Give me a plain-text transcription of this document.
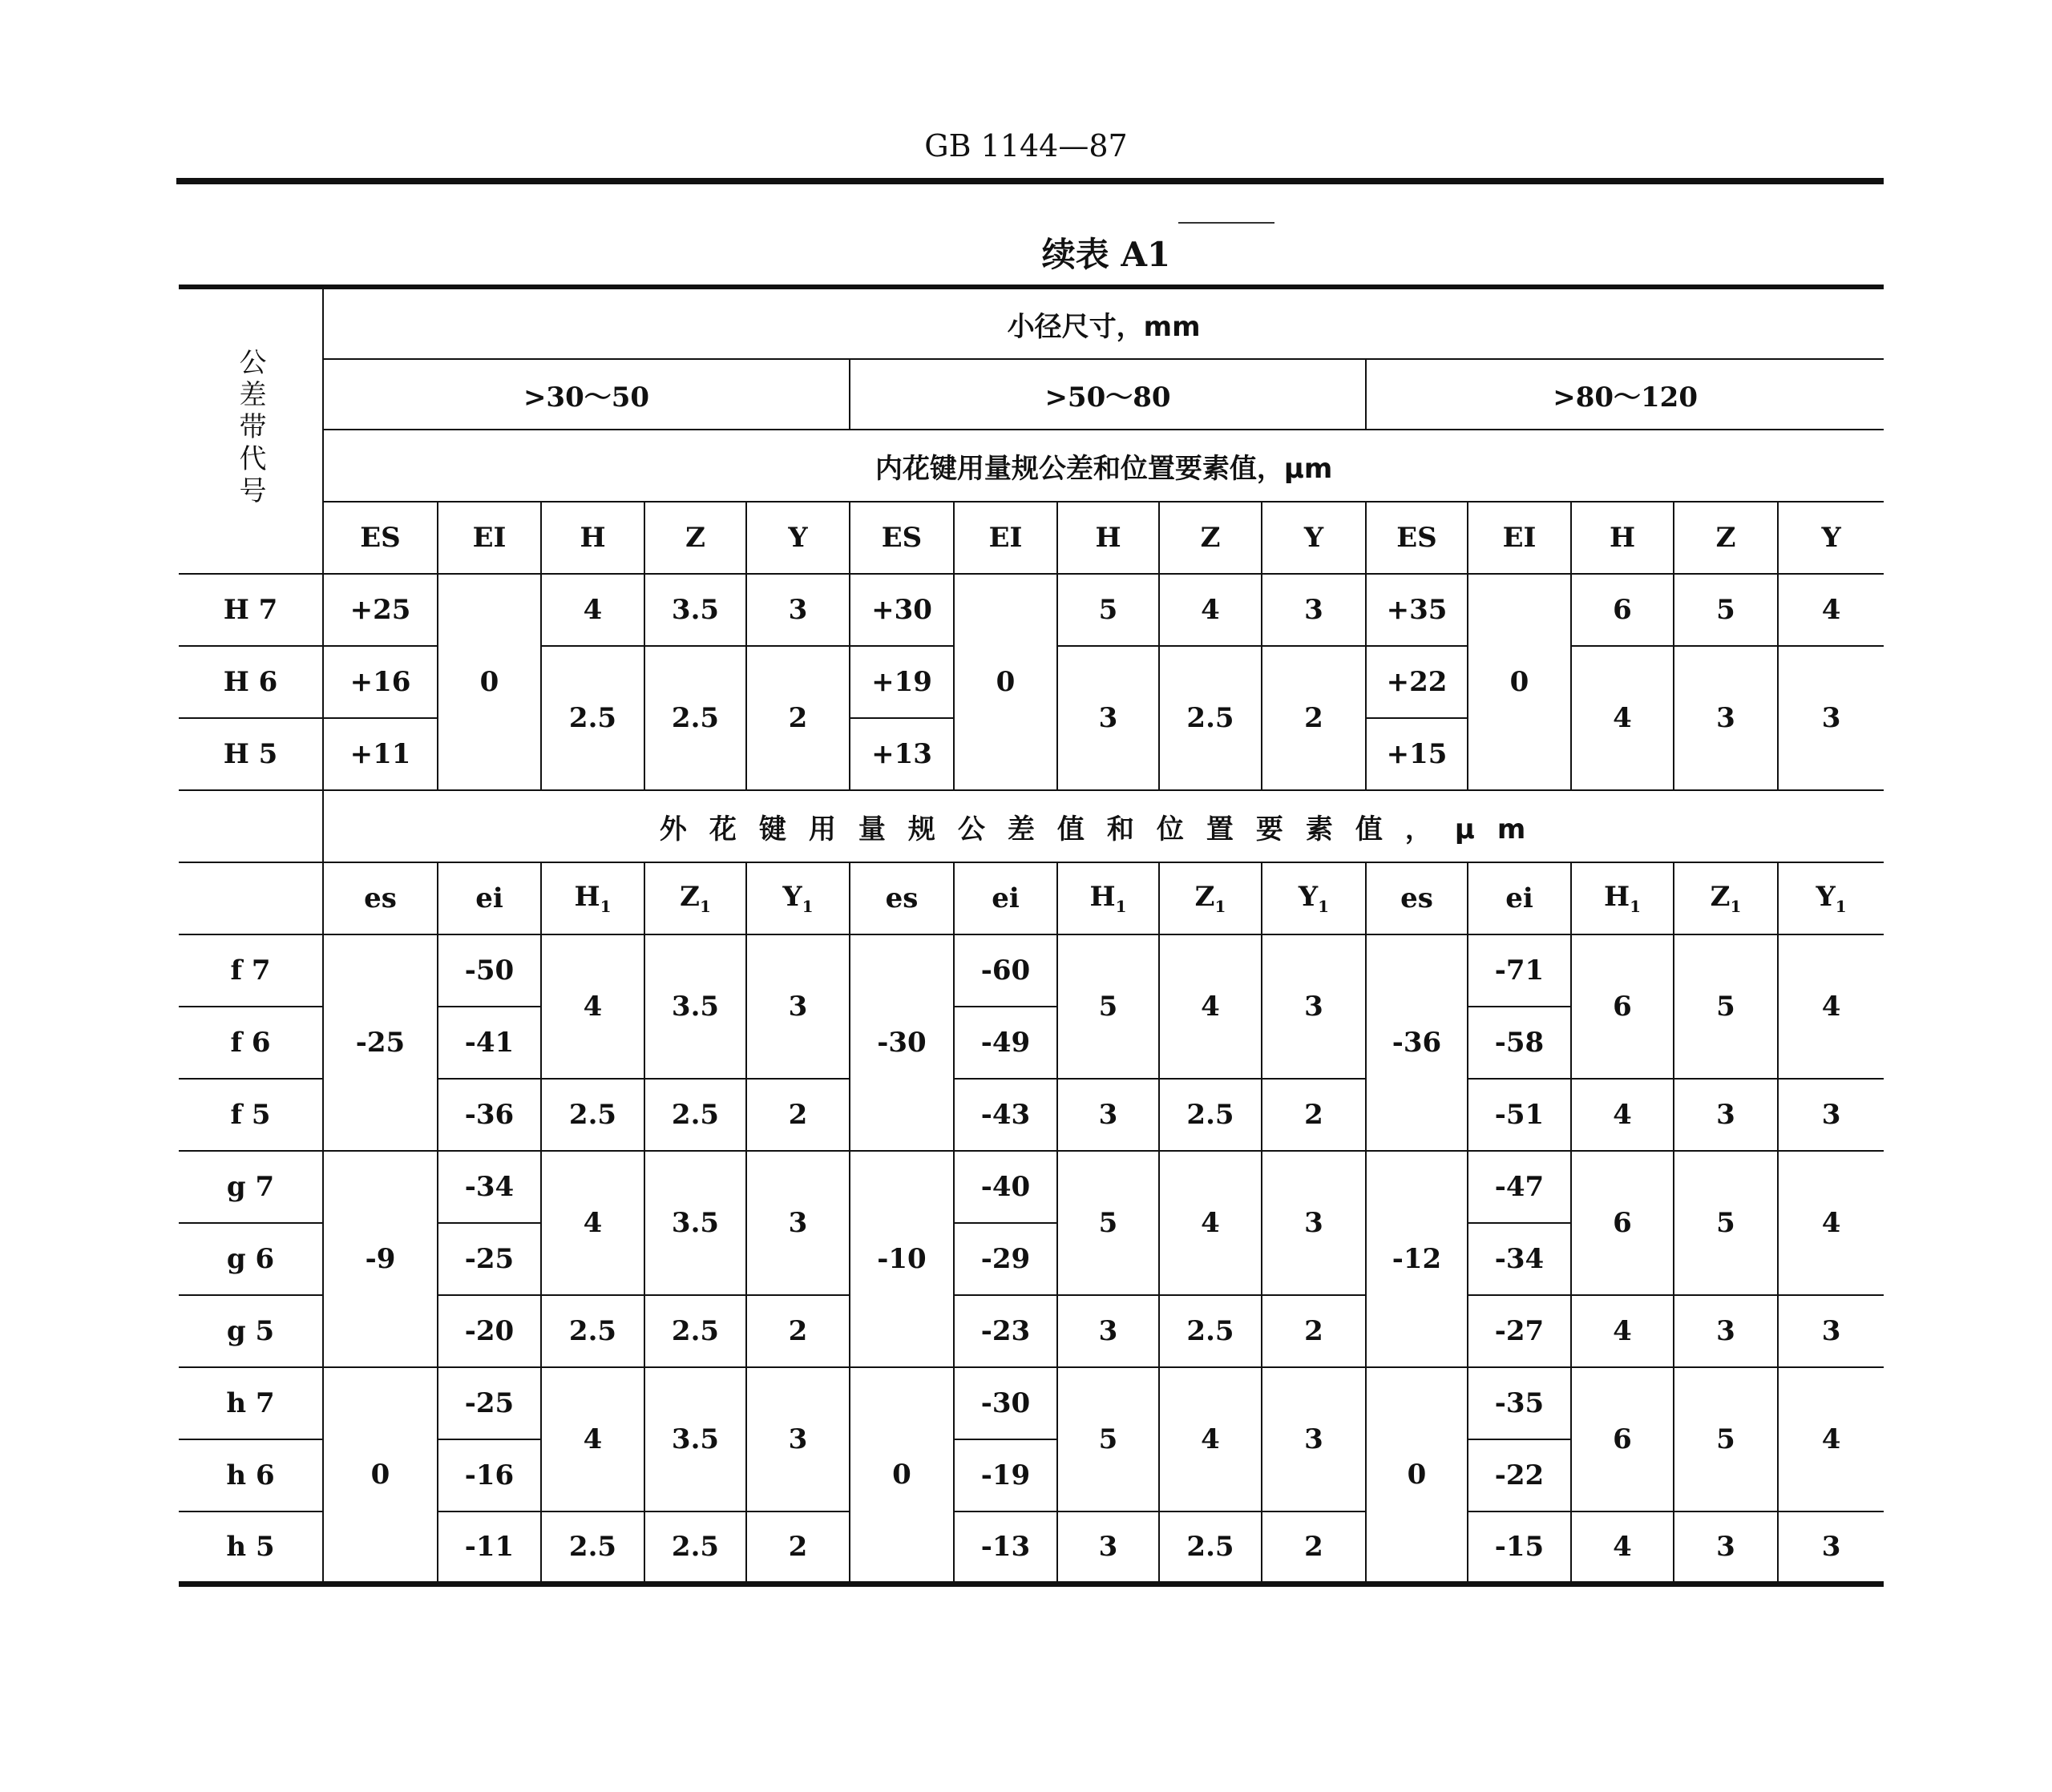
GB 1144—87
续表 A1
公差带代号	小径尺寸，mm														
	>30～50					>50～80					>80～120				
	内花键用量规公差和位置要素值，μm														
	ES	EI	H	Z	Y	ES	EI	H	Z	Y	ES	EI	H	Z	Y
H 7	+25	0	4	3.5	3	+30	0	5	4	3	+35	0	6	5	4
H 6	+16		2.5	2.5	2	+19		3	2.5	2	+22		4	3	3
H 5	+11					+13					+15				
	外花键用量规公差值和位置要素值，μm														
	es	ei	$H_1$	$Z_1$	$Y_1$	es	ei	$H_1$	$Z_1$	$Y_1$	es	ei	$H_1$	$Z_1$	$Y_1$
f 7	-25	-50	4	3.5	3	-30	-60	5	4	3	-36	-71	6	5	4
f 6		-41					-49					-58			
f 5		-36	2.5	2.5	2		-43	3	2.5	2		-51	4	3	3
g 7	-9	-34	4	3.5	3	-10	-40	5	4	3	-12	-47	6	5	4
g 6		-25					-29					-34			
g 5		-20	2.5	2.5	2		-23	3	2.5	2		-27	4	3	3
h 7	0	-25	4	3.5	3	0	-30	5	4	3	0	-35	6	5	4
h 6		-16					-19					-22			
h 5		-11	2.5	2.5	2		-13	3	2.5	2		-15	4	3	3
